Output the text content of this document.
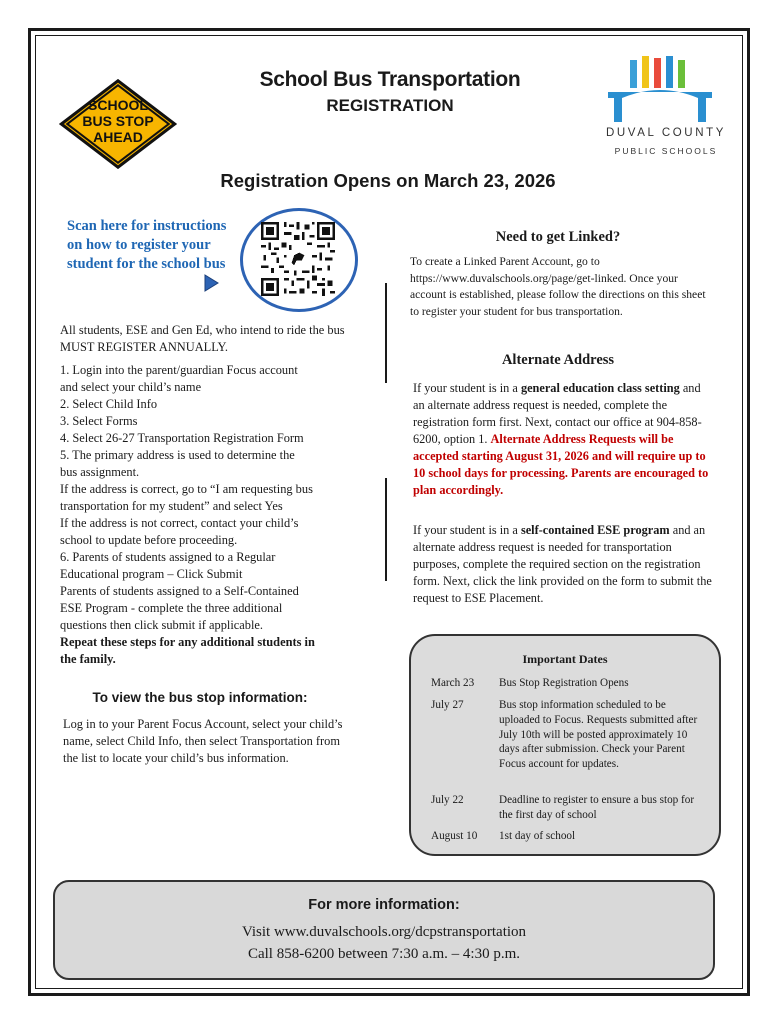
SCHOOL
BUS STOP
AHEAD
School Bus Transportation
REGISTRATION
DUVAL COUNTY
PUBLIC SCHOOLS
Registration Opens on March 23, 2026
Scan here for instructions on how to register your student for the school bus
All students, ESE and Gen Ed, who intend to ride the bus MUST REGISTER ANNUALLY.
1. Login into the parent/guardian Focus account
and select your child’s name
2. Select Child Info
3. Select Forms
4. Select 26-27 Transportation Registration Form
5. The primary address is used to determine the
bus assignment.
If the address is correct, go to “I am requesting bus
transportation for my student” and select Yes
If the address is not correct, contact your child’s
school to update before proceeding.
6. Parents of students assigned to a Regular
Educational program – Click Submit
Parents of students assigned to a Self-Contained
ESE Program - complete the three additional
questions then click submit if applicable.
Repeat these steps for any additional students in
the family.
To view the bus stop information:
Log in to your Parent Focus Account, select your child’s name, select Child Info, then select Transportation from the list to locate your child’s bus information.
Need to get Linked?
To create a Linked Parent Account, go to https://www.duvalschools.org/page/get-linked. Once your account is established, please follow the directions on this sheet to register your student for bus transportation.
Alternate Address
If your student is in a general education class setting and an alternate address request is needed, complete the registration form first. Next, contact our office at 904-858-6200, option 1. Alternate Address Requests will be accepted starting August 31, 2026 and will require up to 10 school days for processing. Parents are encouraged to plan accordingly.
If your student is in a self-contained ESE program and an alternate address request is needed for transportation purposes, complete the required section on the registration form. Next, click the link provided on the form to submit the request to ESE Placement.
Important Dates
March 23	Bus Stop Registration Opens
July 27	Bus stop information scheduled to be uploaded to Focus. Requests submitted after July 10th will be posted approximately 10 days after submission. Check your Parent Focus account for updates.
July 22	Deadline to register to ensure a bus stop for the first day of school
August 10	1st day of school
For more information:
Visit www.duvalschools.org/dcpstransportation
Call 858-6200 between 7:30 a.m. – 4:30 p.m.
